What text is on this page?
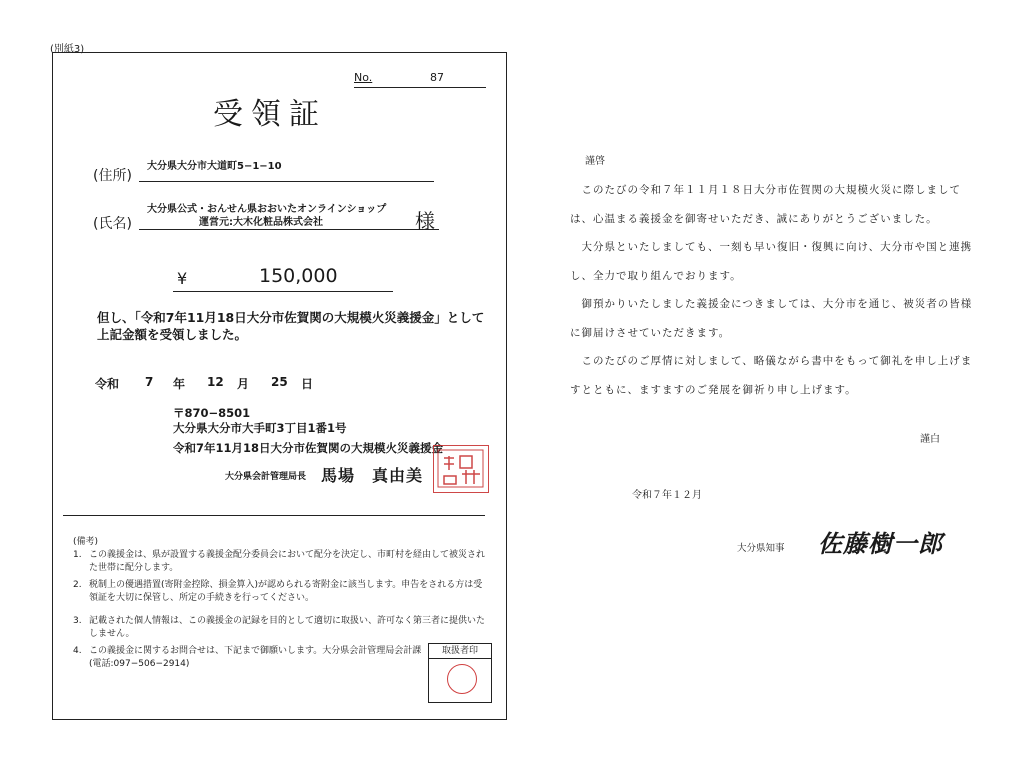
(別紙3)
No.	87
受領証
(住所)
大分県大分市大道町5−1−10
(氏名)
大分県公式・おんせん県おおいたオンラインショップ
運営元:大木化粧品株式会社	様
¥	150,000
但し、「令和7年11月18日大分市佐賀関の大規模火災義援金」として
上記金額を受領しました。
令和 7 年 12 月 25 日
〒870−8501
大分県大分市大手町3丁目1番1号
令和7年11月18日大分市佐賀関の大規模火災義援金
大分県会計管理局長 馬場　真由美
(備考)
1. この義援金は、県が設置する義援金配分委員会において配分を決定し、市町村を経由して被災された世帯に配分します。
2. 税制上の優遇措置(寄附金控除、損金算入)が認められる寄附金に該当します。申告をされる方は受領証を大切に保管し、所定の手続きを行ってください。
3. 記載された個人情報は、この義援金の記録を目的として適切に取扱い、許可なく第三者に提供いたしません。
4. この義援金に関するお問合せは、下記まで御願いします。大分県会計管理局会計課(電話:097−506−2914)
取扱者印
謹啓

　このたびの令和７年１１月１８日大分市佐賀関の大規模火災に際しましては、心温まる義援金を御寄せいただき、誠にありがとうございました。

　大分県といたしましても、一刻も早い復旧・復興に向け、大分市や国と連携し、全力で取り組んでおります。

　御預かりいたしました義援金につきましては、大分市を通じ、被災者の皆様に御届けさせていただきます。

　このたびのご厚情に対しまして、略儀ながら書中をもって御礼を申し上げますとともに、ますますのご発展を御祈り申し上げます。

謹白
令和７年１２月
大分県知事 佐藤樹一郎
